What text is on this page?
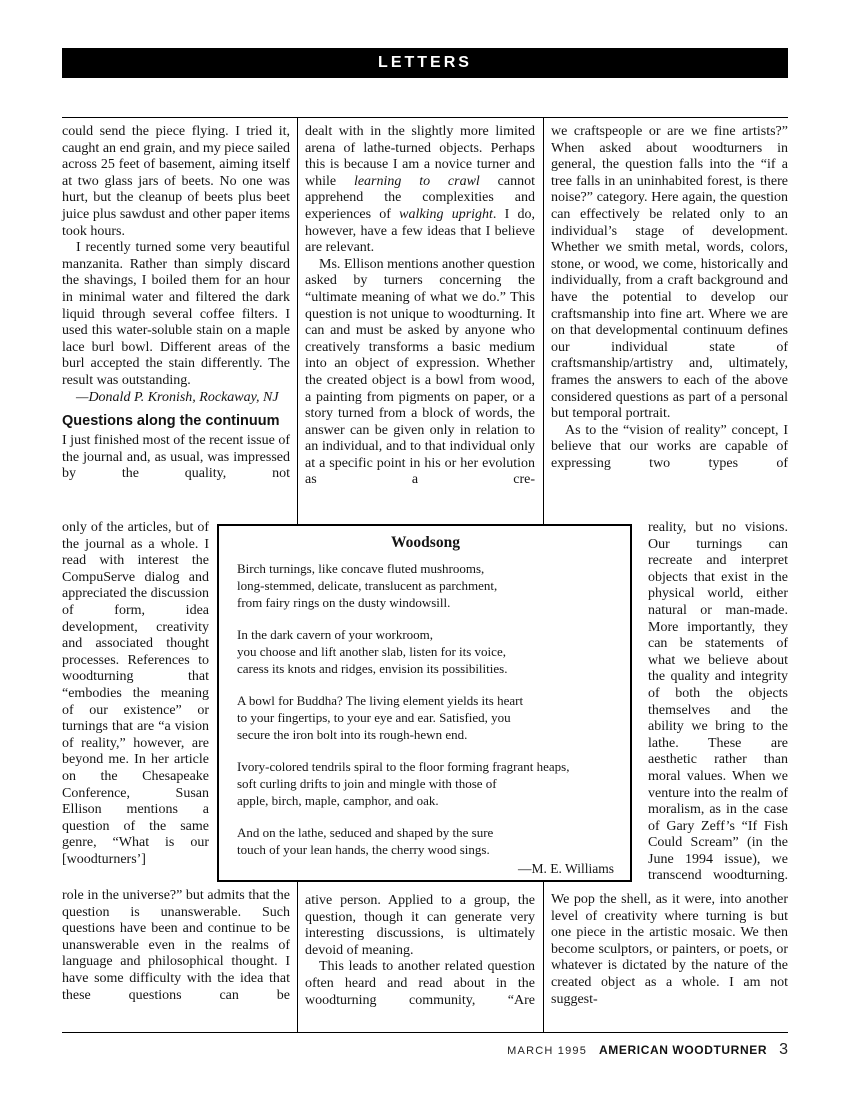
LETTERS

could send the piece flying. I tried it, caught an end grain, and my piece sailed across 25 feet of basement, aiming itself at two glass jars of beets. No one was hurt, but the cleanup of beets plus beet juice plus sawdust and other paper items took hours.

I recently turned some very beautiful manzanita. Rather than simply discard the shavings, I boiled them for an hour in minimal water and filtered the dark liquid through several coffee filters. I used this water-soluble stain on a maple lace burl bowl. Different areas of the burl accepted the stain differently. The result was outstanding.

—Donald P. Kronish, Rockaway, NJ

Questions along the continuum

I just finished most of the recent issue of the journal and, as usual, was impressed by the quality, not

only of the articles, but of the journal as a whole. I read with interest the CompuServe dialog and appreciated the discussion of form, idea development, creativity and associated thought processes. References to woodturning that “embodies the meaning of our existence” or turnings that are “a vision of reality,” however, are beyond me. In her article on the Chesapeake Conference, Susan Ellison mentions a question of the same genre, “What is our [woodturners’]

role in the universe?” but admits that the question is unanswerable. Such questions have been and continue to be unanswerable even in the realms of language and philosophical thought. I have some difficulty with the idea that these questions can be

dealt with in the slightly more limited arena of lathe-turned objects. Perhaps this is because I am a novice turner and while learning to crawl cannot apprehend the complexities and experiences of walking upright. I do, however, have a few ideas that I believe are relevant.

Ms. Ellison mentions another question asked by turners concerning the “ultimate meaning of what we do.” This question is not unique to woodturning. It can and must be asked by anyone who creatively transforms a basic medium into an object of expression. Whether the created object is a bowl from wood, a painting from pigments on paper, or a story turned from a block of words, the answer can be given only in relation to an individual, and to that individual only at a specific point in his or her evolution as a cre-

ative person. Applied to a group, the question, though it can generate very interesting discussions, is ultimately devoid of meaning.

This leads to another related question often heard and read about in the woodturning community, “Are

we craftspeople or are we fine artists?” When asked about woodturners in general, the question falls into the “if a tree falls in an uninhabited forest, is there noise?” category. Here again, the question can effectively be related only to an individual’s stage of development. Whether we smith metal, words, colors, stone, or wood, we come, historically and individually, from a craft background and have the potential to develop our craftsmanship into fine art. Where we are on that developmental continuum defines our individual state of craftsmanship/artistry and, ultimately, frames the answers to each of the above considered questions as part of a personal but temporal portrait.

As to the “vision of reality” concept, I believe that our works are capable of expressing two types of

reality, but no visions. Our turnings can recreate and interpret objects that exist in the physical world, either natural or man-made. More importantly, they can be statements of what we believe about the quality and integrity of both the objects themselves and the ability we bring to the lathe. These are aesthetic rather than moral values. When we venture into the realm of moralism, as in the case of Gary Zeff’s “If Fish Could Scream” (in the June 1994 issue), we transcend woodturning.

We pop the shell, as it were, into another level of creativity where turning is but one piece in the artistic mosaic. We then become sculptors, or painters, or poets, or whatever is dictated by the nature of the created object as a whole. I am not suggest-

Woodsong
Birch turnings, like concave fluted mushrooms,
long-stemmed, delicate, translucent as parchment,
from fairy rings on the dusty windowsill.
In the dark cavern of your workroom,
you choose and lift another slab, listen for its voice,
caress its knots and ridges, envision its possibilities.
A bowl for Buddha? The living element yields its heart
to your fingertips, to your eye and ear. Satisfied, you
secure the iron bolt into its rough-hewn end.
Ivory-colored tendrils spiral to the floor forming fragrant heaps,
soft curling drifts to join and mingle with those of
apple, birch, maple, camphor, and oak.
And on the lathe, seduced and shaped by the sure
touch of your lean hands, the cherry wood sings.
—M. E. Williams
MARCH 1995 AMERICAN WOODTURNER 3
